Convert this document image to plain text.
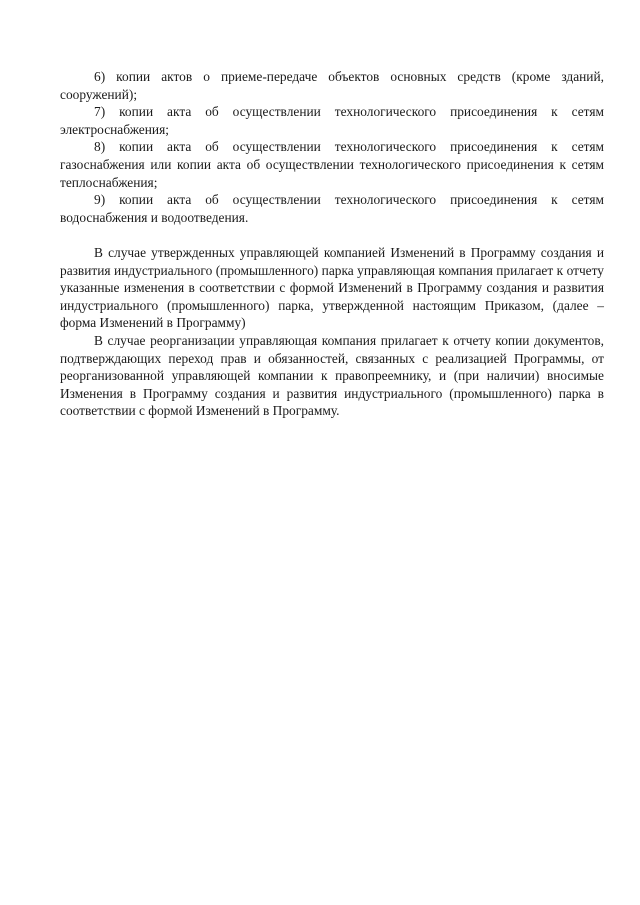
6) копии актов о приеме-передаче объектов основных средств (кроме зданий, сооружений);

7) копии акта об осуществлении технологического присоединения к сетям электроснабжения;

8) копии акта об осуществлении технологического присоединения к сетям газоснабжения или копии акта об осуществлении технологического присоединения к сетям теплоснабжения;

9) копии акта об осуществлении технологического присоединения к сетям водоснабжения и водоотведения.

В случае утвержденных управляющей компанией Изменений в Программу создания и развития индустриального (промышленного) парка управляющая компания прилагает к отчету указанные изменения в соответствии с формой Изменений в Программу создания и развития индустриального (промышленного) парка, утвержденной настоящим Приказом, (далее – форма Изменений в Программу)

В случае реорганизации управляющая компания прилагает к отчету копии документов, подтверждающих переход прав и обязанностей, связанных с реализацией Программы, от реорганизованной управляющей компании к правопреемнику, и (при наличии) вносимые Изменения в Программу создания и развития индустриального (промышленного) парка в соответствии с формой Изменений в Программу.
